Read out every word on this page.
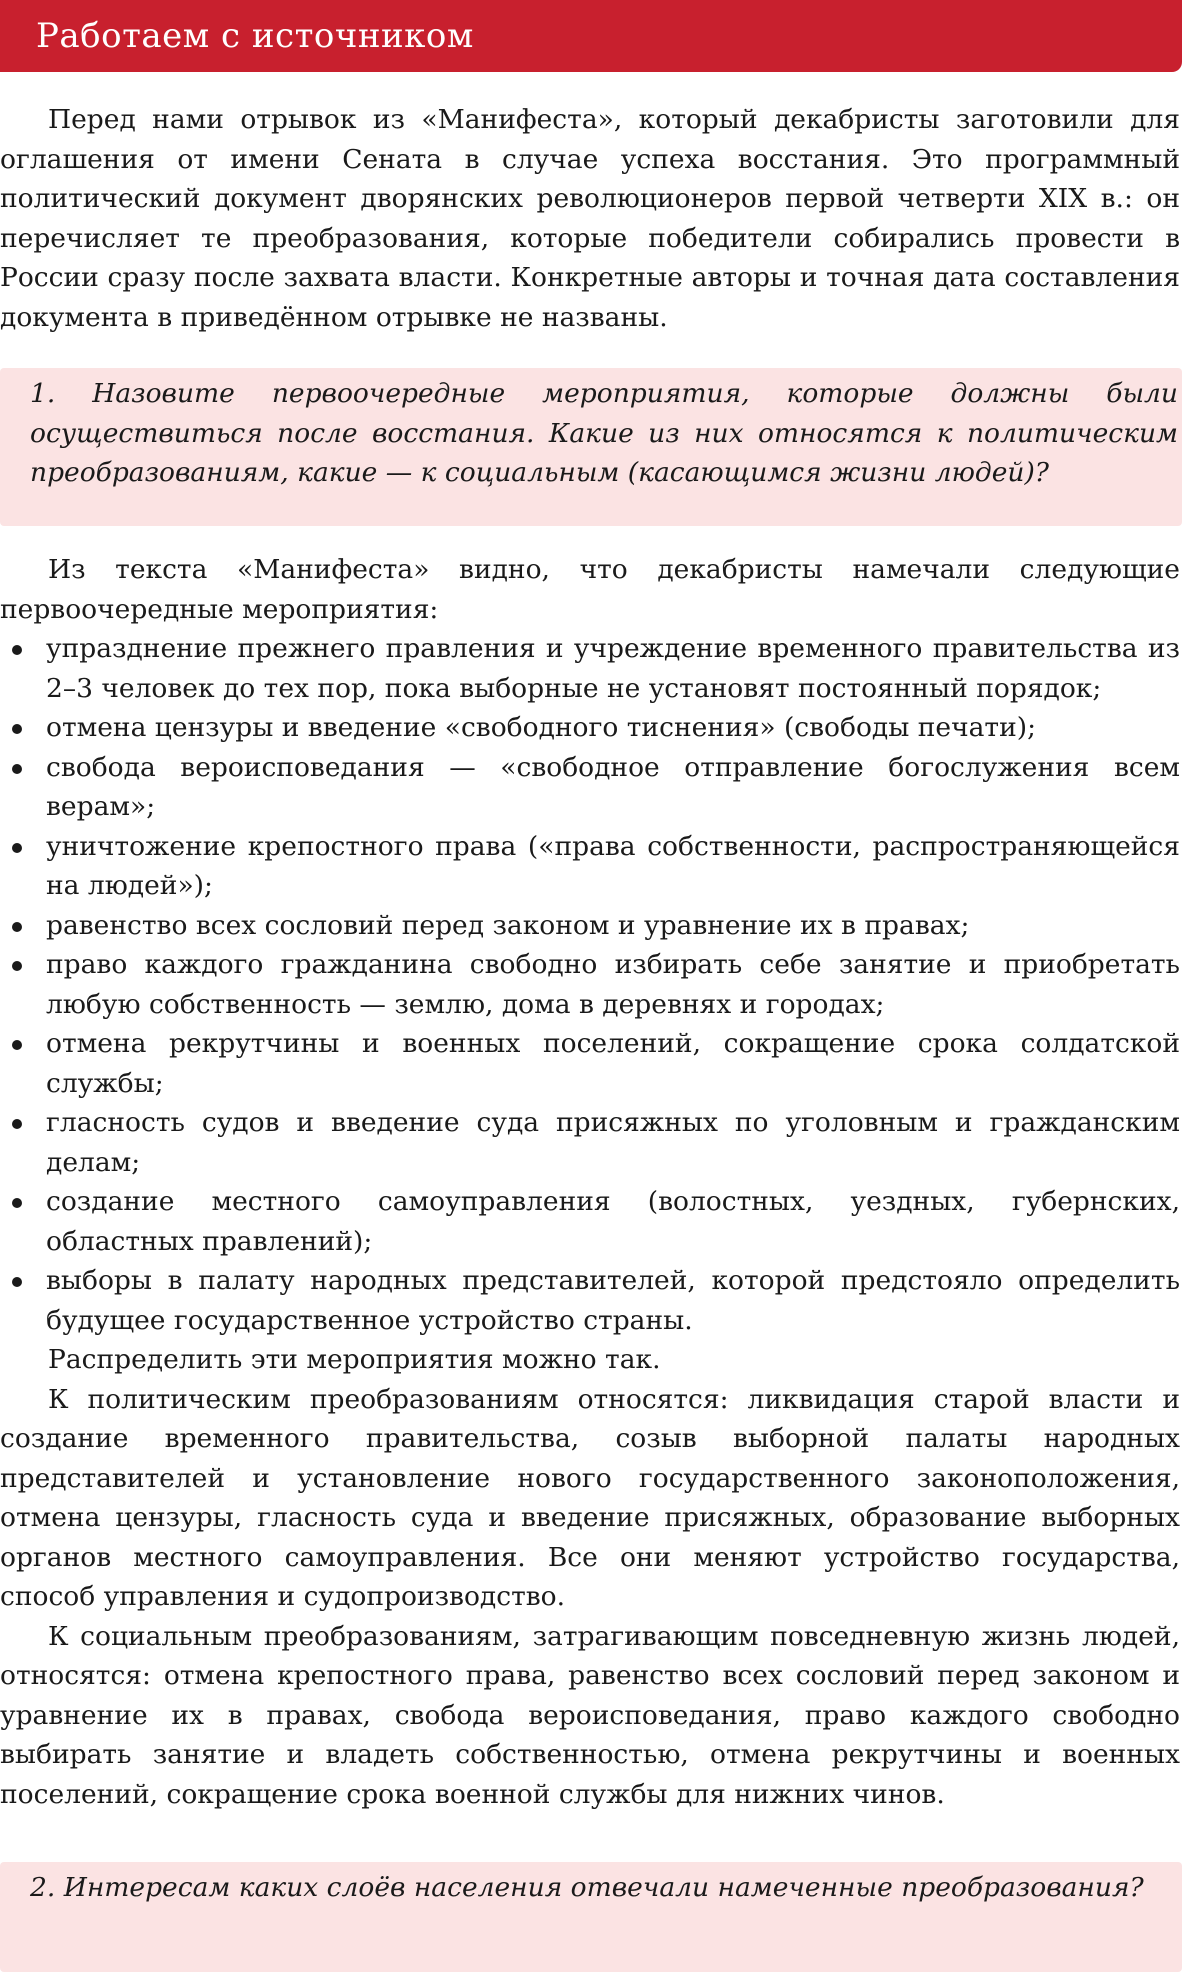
Работаем с источником

Перед нами отрывок из «Манифеста», который декабристы заготовили для оглашения от имени Сената в случае успеха восстания. Это программный политический документ дворянских революционеров первой четверти XIX в.: он перечисляет те преобразования, которые победители собирались провести в России сразу после захвата власти. Конкретные авторы и точная дата составления документа в приведённом отрывке не названы.

1. Назовите первоочередные мероприятия, которые должны были осуществиться после восстания. Какие из них относятся к политическим преобразованиям, какие — к социальным (касающимся жизни людей)?

Из текста «Манифеста» видно, что декабристы намечали следующие первоочередные мероприятия:

упразднение прежнего правления и учреждение временного правительства из 2–3 человек до тех пор, пока выборные не установят постоянный порядок;
отмена цензуры и введение «свободного тиснения» (свободы печати);
свобода вероисповедания — «свободное отправление богослужения всем верам»;
уничтожение крепостного права («права собственности, распространяющейся на людей»);
равенство всех сословий перед законом и уравнение их в правах;
право каждого гражданина свободно избирать себе занятие и приобретать любую собственность — землю, дома в деревнях и городах;
отмена рекрутчины и военных поселений, сокращение срока солдатской службы;
гласность судов и введение суда присяжных по уголовным и гражданским делам;
создание местного самоуправления (волостных, уездных, губернских, областных правлений);
выборы в палату народных представителей, которой предстояло определить будущее государственное устройство страны.

Распределить эти мероприятия можно так.

К политическим преобразованиям относятся: ликвидация старой власти и создание временного правительства, созыв выборной палаты народных представителей и установление нового государственного законоположения, отмена цензуры, гласность суда и введение присяжных, образование выборных органов местного самоуправления. Все они меняют устройство государства, способ управления и судопроизводство.

К социальным преобразованиям, затрагивающим повседневную жизнь людей, относятся: отмена крепостного права, равенство всех сословий перед законом и уравнение их в правах, свобода вероисповедания, право каждого свободно выбирать занятие и владеть собственностью, отмена рекрутчины и военных поселений, сокращение срока военной службы для нижних чинов.

2. Интересам каких слоёв населения отвечали намеченные преобразования?
